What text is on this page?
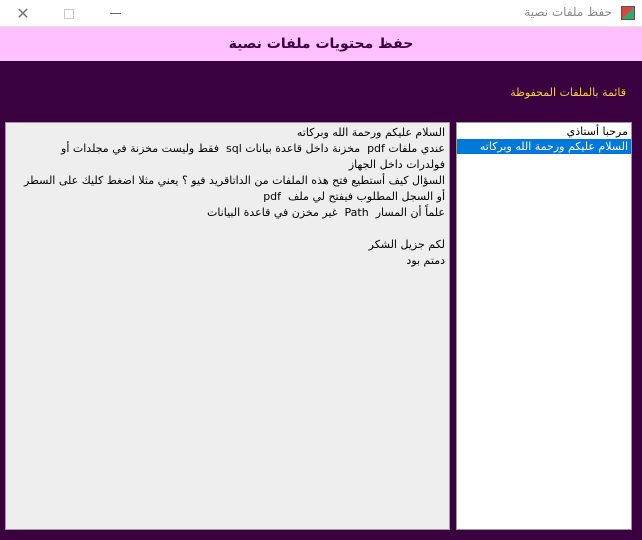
✕	حفظ ملفات نصية
حفظ محتويات ملفات نصية
قائمة بالملفات المحفوظة
السلام عليكم ورحمة الله وبركاته
عندي ملفات pdf  مخزنة داخل قاعدة بيانات sql  فقط وليست مخزنة في مجلدات أو
فولدرات داخل الجهاز
السؤال كيف أستطيع فتح هذه الملفات من الداتاقريد فيو ؟ يعني مثلا اضغط كليك على السطر
أو السجل المطلوب فيفتح لي ملف  pdf
علماً أن المسار  Path  غير مخزن في قاعدة البيانات

لكم جزيل الشكر
دمتم بود
مرحبا أستاذي
السلام عليكم ورحمة الله وبركاته
